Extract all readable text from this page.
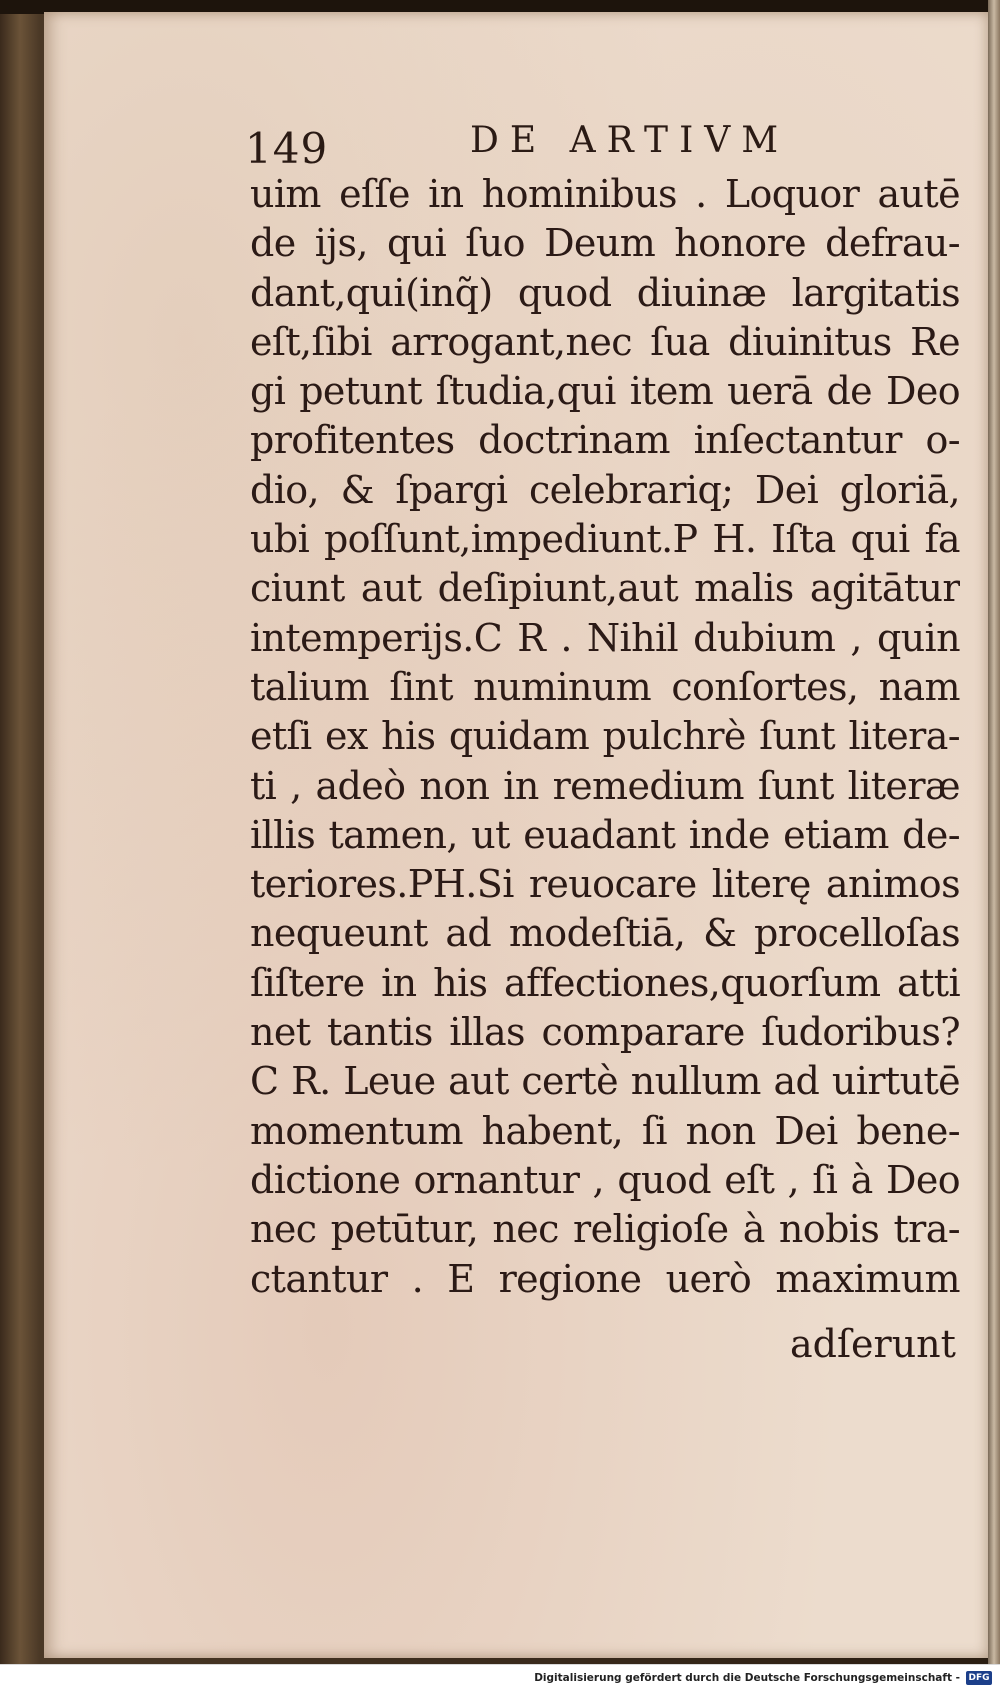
149	DE ARTIVM
uim eſſe in hominibus . Loquor autē
de ijs, qui ſuo Deum honore defrau-
dant,qui(inq̃) quod diuinæ largitatis
eſt,ſibi arrogant,nec ſua diuinitus Re
gi petunt ſtudia,qui item uerā de Deo
profitentes doctrinam inſectantur o-
dio, & ſpargi celebrariq; Dei gloriā,
ubi poſſunt,impediunt.P H. Iſta qui fa
ciunt aut deſipiunt,aut malis agitātur
intemperijs.C R . Nihil dubium , quin
talium ſint numinum conſortes, nam
etſi ex his quidam pulchrè ſunt litera-
ti , adeò non in remedium ſunt literæ
illis tamen, ut euadant inde etiam de-
teriores.PH.Si reuocare literę animos
nequeunt ad modeſtiā, & procelloſas
ſiſtere in his affectiones,quorſum atti
net tantis illas comparare ſudoribus?
C R. Leue aut certè nullum ad uirtutē
momentum habent, ſi non Dei bene-
dictione ornantur , quod eſt , ſi à Deo
nec petūtur, nec religioſe à nobis tra-
ctantur . E regione uerò maximum
adſerunt
Digitalisierung gefördert durch die Deutsche Forschungsgemeinschaft - DFG
